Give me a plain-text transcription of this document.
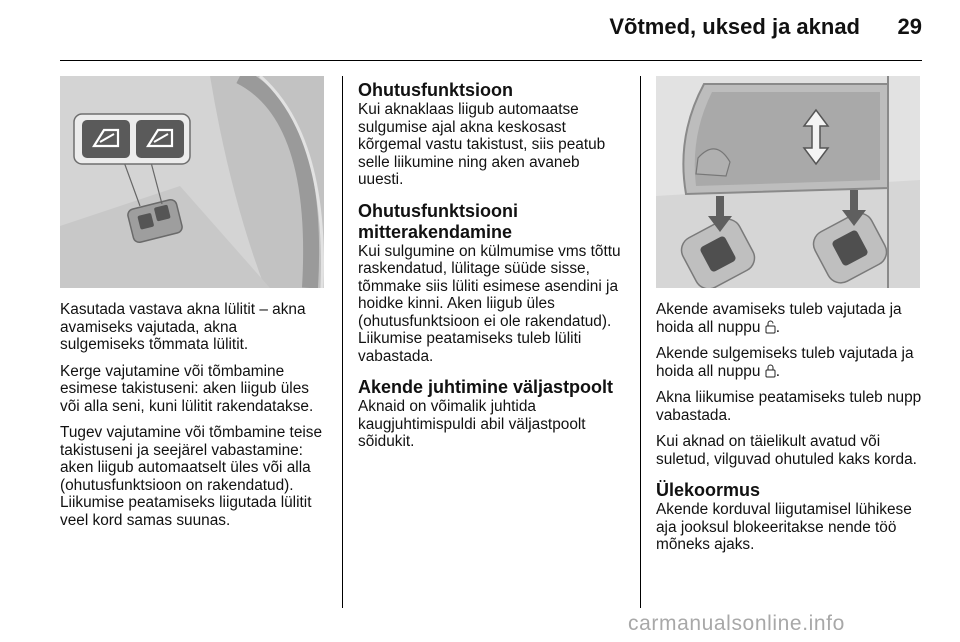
Võtmed, uksed ja aknad	29

Kasutada vastava akna lülitit – akna avamiseks vajutada, akna sulgemiseks tõmmata lülitit.

Kerge vajutamine või tõmbamine esimese takistuseni: aken liigub üles või alla seni, kuni lülitit rakendatakse.

Tugev vajutamine või tõmbamine teise takistuseni ja seejärel vabastamine: aken liigub automaatselt üles või alla (ohutusfunktsioon on rakendatud). Liikumise peatamiseks liigutada lülitit veel kord samas suunas.

Ohutusfunktsioon

Kui aknaklaas liigub automaatse sulgumise ajal akna keskosast kõrgemal vastu takistust, siis peatub selle liikumine ning aken avaneb uuesti.

Ohutusfunktsiooni mitterakendamine

Kui sulgumine on külmumise vms tõttu raskendatud, lülitage süüde sisse, tõmmake siis lüliti esimese asendini ja hoidke kinni. Aken liigub üles (ohutusfunktsioon ei ole rakendatud). Liikumise peatamiseks tuleb lüliti vabastada.

Akende juhtimine väljastpoolt

Aknaid on võimalik juhtida kaugjuhtimispuldi abil väljastpoolt sõidukit.

Akende avamiseks tuleb vajutada ja hoida all nuppu .

Akende sulgemiseks tuleb vajutada ja hoida all nuppu .

Akna liikumise peatamiseks tuleb nupp vabastada.

Kui aknad on täielikult avatud või suletud, vilguvad ohutuled kaks korda.

Ülekoormus

Akende korduval liigutamisel lühikese aja jooksul blokeeritakse nende töö mõneks ajaks.

carmanualsonline.info
